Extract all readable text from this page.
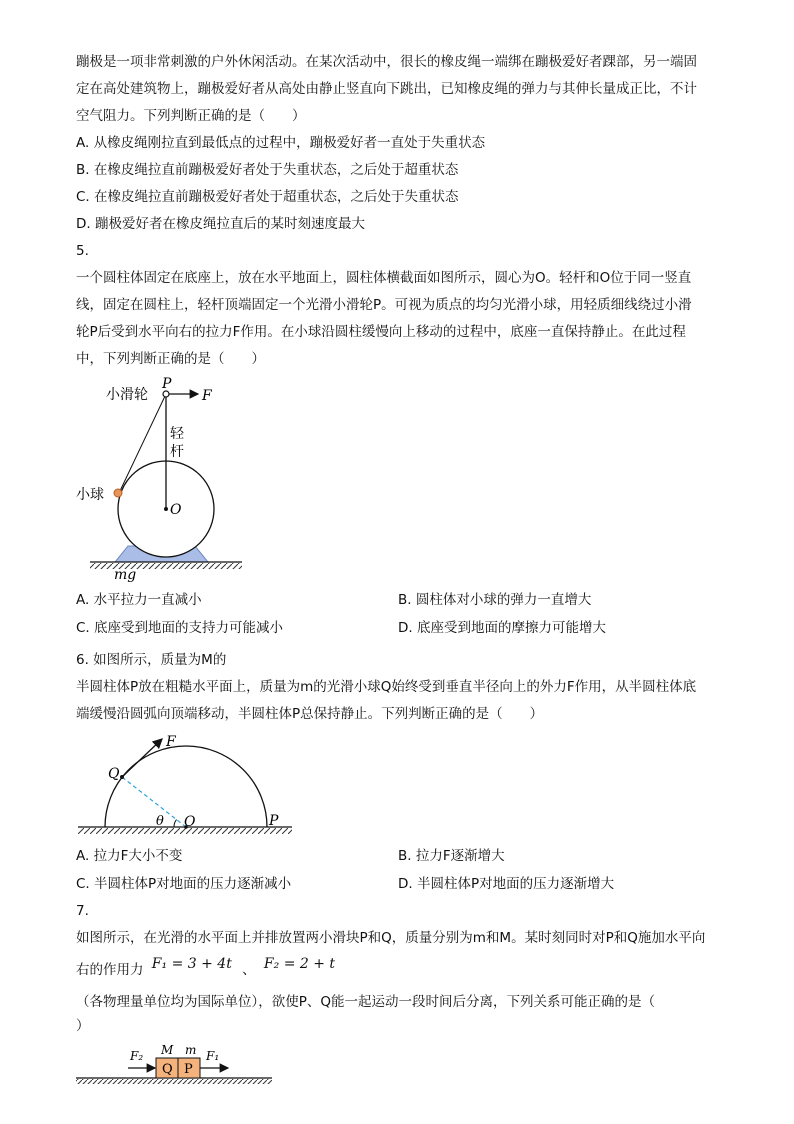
蹦极是一项非常刺激的户外休闲活动。在某次活动中，很长的橡皮绳一端绑在蹦极爱好者踝部，另一端固
定在高处建筑物上，蹦极爱好者从高处由静止竖直向下跳出，已知橡皮绳的弹力与其伸长量成正比，不计
空气阻力。下列判断正确的是（　　）
A. 从橡皮绳刚拉直到最低点的过程中，蹦极爱好者一直处于失重状态
B. 在橡皮绳拉直前蹦极爱好者处于失重状态，之后处于超重状态
C. 在橡皮绳拉直前蹦极爱好者处于超重状态，之后处于失重状态
D. 蹦极爱好者在橡皮绳拉直后的某时刻速度最大
5.
一个圆柱体固定在底座上，放在水平地面上，圆柱体横截面如图所示，圆心为O。轻杆和O位于同一竖直
线，固定在圆柱上，轻杆顶端固定一个光滑小滑轮P。可视为质点的均匀光滑小球，用轻质细线绕过小滑
轮P后受到水平向右的拉力F作用。在小球沿圆柱缓慢向上移动的过程中，底座一直保持静止。在此过程
中，下列判断正确的是（　　）
小滑轮
P
F
轻
杆
小球
O
mg
A. 水平拉力一直减小	B. 圆柱体对小球的弹力一直增大
C. 底座受到地面的支持力可能减小	D. 底座受到地面的摩擦力可能增大
6. 如图所示，质量为M的
半圆柱体P放在粗糙水平面上，质量为m的光滑小球Q始终受到垂直半径向上的外力F作用，从半圆柱体底
端缓慢沿圆弧向顶端移动，半圆柱体P总保持静止。下列判断正确的是（　　）
F
Q
θ O	P
A. 拉力F大小不变	B. 拉力F逐渐增大
C. 半圆柱体P对地面的压力逐渐减小	D. 半圆柱体P对地面的压力逐渐增大
7.
如图所示，在光滑的水平面上并排放置两小滑块P和Q，质量分别为m和M。某时刻同时对P和Q施加水平向
右的作用力 F₁ = 3 + 4t 、 F₂ = 2 + t
（各物理量单位均为国际单位），欲使P、Q能一起运动一段时间后分离，下列关系可能正确的是（
）
F₂ M m F₁
Q P
